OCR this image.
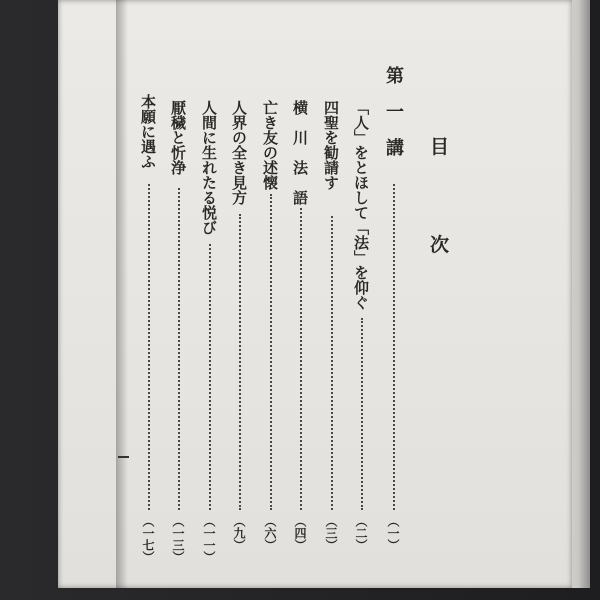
目
次
第　一　講
（一）
「人」をとほして「法」を仰ぐ
（二）
四聖を勧請す
（三）
横　川　法　語
（四）
亡き友の述懐
（六）
人界の全き見方
（九）
人間に生れたる悦び
（一一）
厭穢と忻浄
（一三）
本願に遇ふ
（一七）
